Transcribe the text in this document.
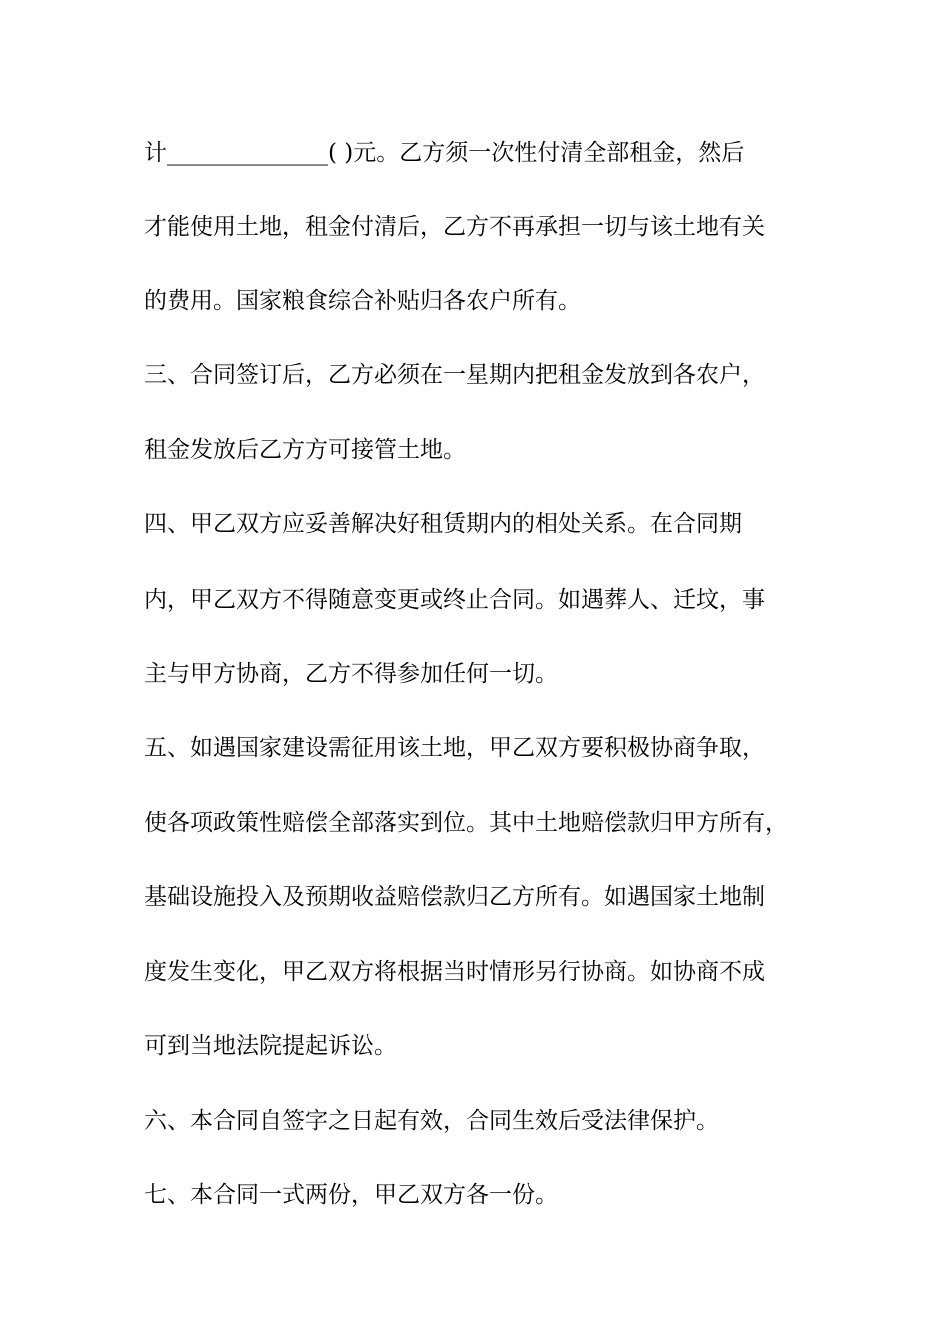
计______________( )元。乙方须一次性付清全部租金，然后
才能使用土地，租金付清后，乙方不再承担一切与该土地有关
的费用。国家粮食综合补贴归各农户所有。
三、合同签订后，乙方必须在一星期内把租金发放到各农户，
租金发放后乙方方可接管土地。
四、甲乙双方应妥善解决好租赁期内的相处关系。在合同期
内，甲乙双方不得随意变更或终止合同。如遇葬人、迁坟，事
主与甲方协商，乙方不得参加任何一切。
五、如遇国家建设需征用该土地，甲乙双方要积极协商争取，
使各项政策性赔偿全部落实到位。其中土地赔偿款归甲方所有，
基础设施投入及预期收益赔偿款归乙方所有。如遇国家土地制
度发生变化，甲乙双方将根据当时情形另行协商。如协商不成
可到当地法院提起诉讼。
六、本合同自签字之日起有效，合同生效后受法律保护。
七、本合同一式两份，甲乙双方各一份。
